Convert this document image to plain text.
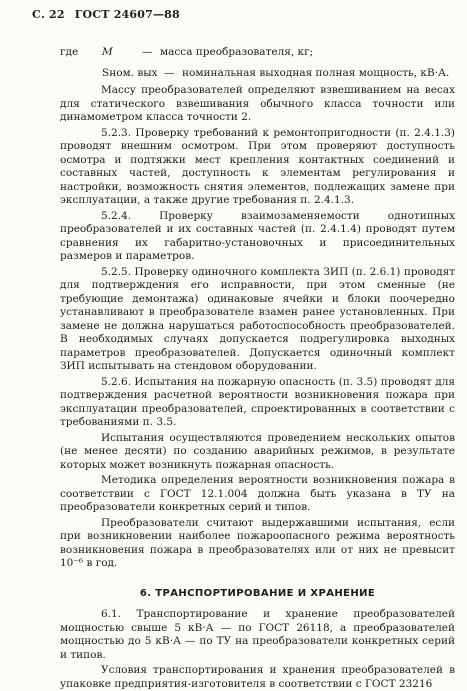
С. 22 ГОСТ 24607—88
где	M	— масса преобразователя, кг;
Sном. вых — номинальная выходная полная мощность, кВ·А.

Массу преобразователей определяют взвешиванием на весах для статического взвешивания обычного класса точности или динамометром класса точности 2.

5.2.3. Проверку требований к ремонтопригодности (п. 2.4.1.3) проводят внешним осмотром. При этом проверяют доступность осмотра и подтяжки мест крепления контактных соединений и составных частей, доступность к элементам регулирования и настройки, возможность снятия элементов, подлежащих замене при эксплуатации, а также другие требования п. 2.4.1.3.

5.2.4. Проверку взаимозаменяемости однотипных преобразователей и их составных частей (п. 2.4.1.4) проводят путем сравнения их габаритно-установочных и присоединительных размеров и параметров.

5.2.5. Проверку одиночного комплекта ЗИП (п. 2.6.1) проводят для подтверждения его исправности, при этом сменные (не требующие демонтажа) одинаковые ячейки и блоки поочередно устанавливают в преобразователе взамен ранее установленных. При замене не должна нарушаться работоспособность преобразователей. В необходимых случаях допускается подрегулировка выходных параметров преобразователей. Допускается одиночный комплект ЗИП испытывать на стендовом оборудовании.

5.2.6. Испытания на пожарную опасность (п. 3.5) проводят для подтверждения расчетной вероятности возникновения пожара при эксплуатации преобразователей, спроектированных в соответствии с требованиями п. 3.5.

Испытания осуществляются проведением нескольких опытов (не менее десяти) по созданию аварийных режимов, в результате которых может возникнуть пожарная опасность.

Методика определения вероятности возникновения пожара в соответствии с ГОСТ 12.1.004 должна быть указана в ТУ на преобразователи конкретных серий и типов.

Преобразователи считают выдержавшими испытания, если при возникновении наиболее пожароопасного режима вероятность возникновения пожара в преобразователях или от них не превысит 10⁻⁶ в год.

6. ТРАНСПОРТИРОВАНИЕ И ХРАНЕНИЕ

6.1. Транспортирование и хранение преобразователей мощностью свыше 5 кВ·А — по ГОСТ 26118, а преобразователей мощностью до 5 кВ·А — по ТУ на преобразователи конкретных серий и типов.

Условия транспортирования и хранения преобразователей в упаковке предприятия-изготовителя в соответствии с ГОСТ 23216
